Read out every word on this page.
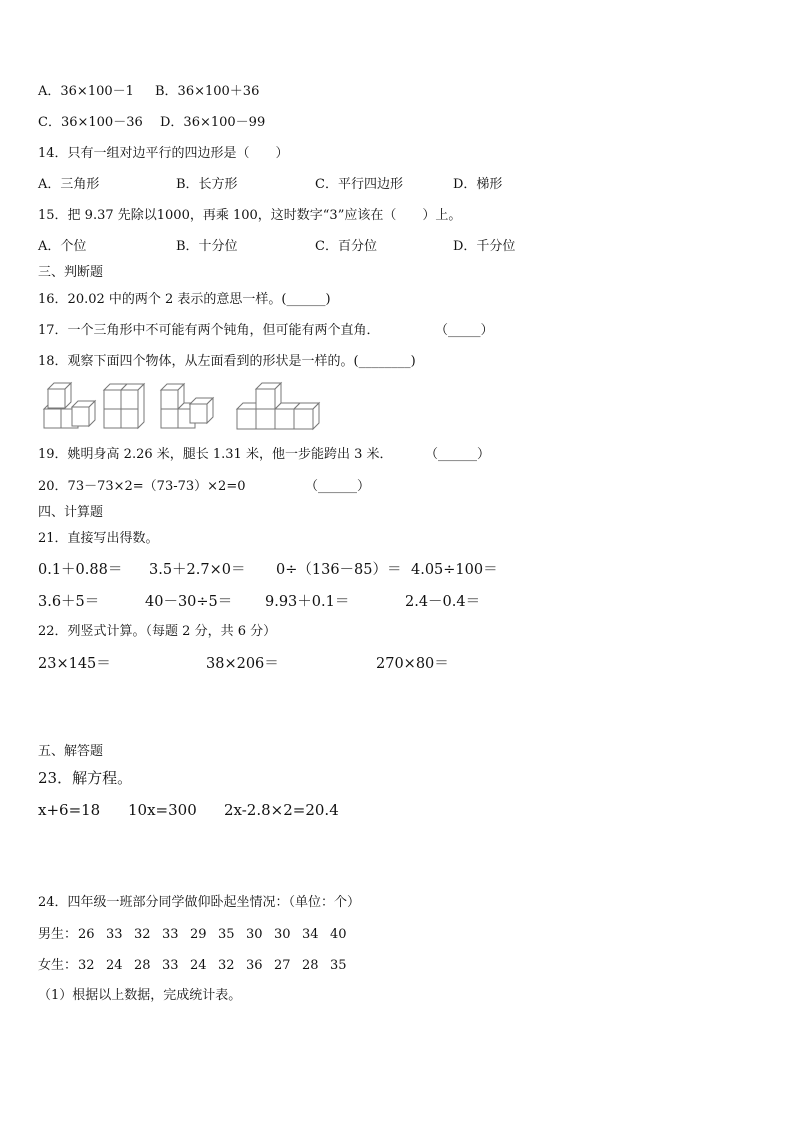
A．36×100－1 B．36×100＋36
C．36×100－36 D．36×100－99
14．只有一组对边平行的四边形是（　　）
A．三角形	B．长方形	C．平行四边形	D．梯形
15．把 9.37 先除以1000，再乘 100，这时数字“3”应该在（　　）上。
A．个位	B．十分位	C．百分位	D．千分位
三、判断题
16．20.02 中的两个 2 表示的意思一样。(______)
17．一个三角形中不可能有两个钝角，但可能有两个直角．	（_____）
18．观察下面四个物体，从左面看到的形状是一样的。(________)
19．姚明身高 2.26 米，腿长 1.31 米，他一步能跨出 3 米．	（______）
20．73－73×2=（73-73）×2=0	（______）
四、计算题
21．直接写出得数。
0.1＋0.88＝ 3.5＋2.7×0＝ 0÷（136－85）＝ 4.05÷100＝
3.6＋5＝	40－30÷5＝ 9.93＋0.1＝	2.4－0.4＝
22．列竖式计算。（每题 2 分，共 6 分）
23×145＝	38×206＝	270×80＝
五、解答题
23．解方程。
x+6=18 10x=300 2x-2.8×2=20.4
24．四年级一班部分同学做仰卧起坐情况：（单位：个）
男生： 26 33 32 33 29 35 30 30 34 40
女生： 32 24 28 33 24 32 36 27 28 35
（1）根据以上数据，完成统计表。
